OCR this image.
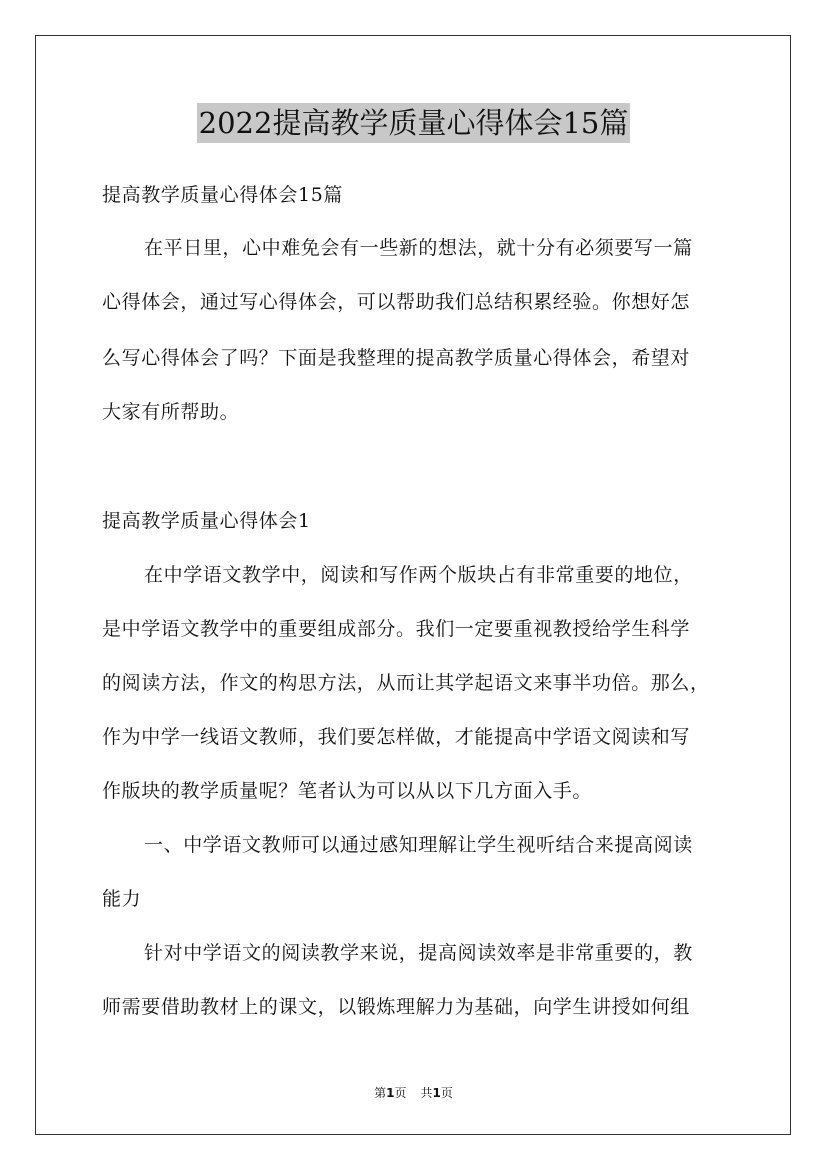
2022提高教学质量心得体会15篇
提高教学质量心得体会15篇
在平日里，心中难免会有一些新的想法，就十分有必须要写一篇
心得体会，通过写心得体会，可以帮助我们总结积累经验。你想好怎
么写心得体会了吗？下面是我整理的提高教学质量心得体会，希望对
大家有所帮助。
提高教学质量心得体会1
在中学语文教学中，阅读和写作两个版块占有非常重要的地位，
是中学语文教学中的重要组成部分。我们一定要重视教授给学生科学
的阅读方法，作文的构思方法，从而让其学起语文来事半功倍。那么，
作为中学一线语文教师，我们要怎样做，才能提高中学语文阅读和写
作版块的教学质量呢？笔者认为可以从以下几方面入手。
一、中学语文教师可以通过感知理解让学生视听结合来提高阅读
能力
针对中学语文的阅读教学来说，提高阅读效率是非常重要的，教
师需要借助教材上的课文，以锻炼理解力为基础，向学生讲授如何组
第1页 共1页
